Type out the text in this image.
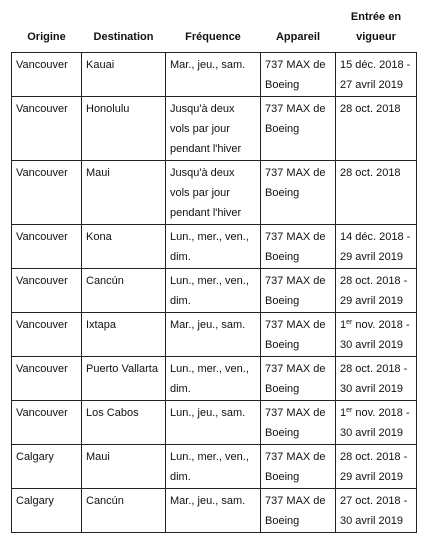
Origine	Destination	Fréquence	Appareil	Entrée en vigueur
Vancouver	Kauai	Mar., jeu., sam.	737 MAX de Boeing	15 déc. 2018 - 27 avril 2019
Vancouver	Honolulu	Jusqu'à deux vols par jour pendant l'hiver	737 MAX de Boeing	28 oct. 2018
Vancouver	Maui	Jusqu'à deux vols par jour pendant l'hiver	737 MAX de Boeing	28 oct. 2018
Vancouver	Kona	Lun., mer., ven., dim.	737 MAX de Boeing	14 déc. 2018 - 29 avril 2019
Vancouver	Cancún	Lun., mer., ven., dim.	737 MAX de Boeing	28 oct. 2018 - 29 avril 2019
Vancouver	Ixtapa	Mar., jeu., sam.	737 MAX de Boeing	1er nov. 2018 - 30 avril 2019
Vancouver	Puerto Vallarta	Lun., mer., ven., dim.	737 MAX de Boeing	28 oct. 2018 - 30 avril 2019
Vancouver	Los Cabos	Lun., jeu., sam.	737 MAX de Boeing	1er nov. 2018 - 30 avril 2019
Calgary	Maui	Lun., mer., ven., dim.	737 MAX de Boeing	28 oct. 2018 - 29 avril 2019
Calgary	Cancún	Mar., jeu., sam.	737 MAX de Boeing	27 oct. 2018 - 30 avril 2019
